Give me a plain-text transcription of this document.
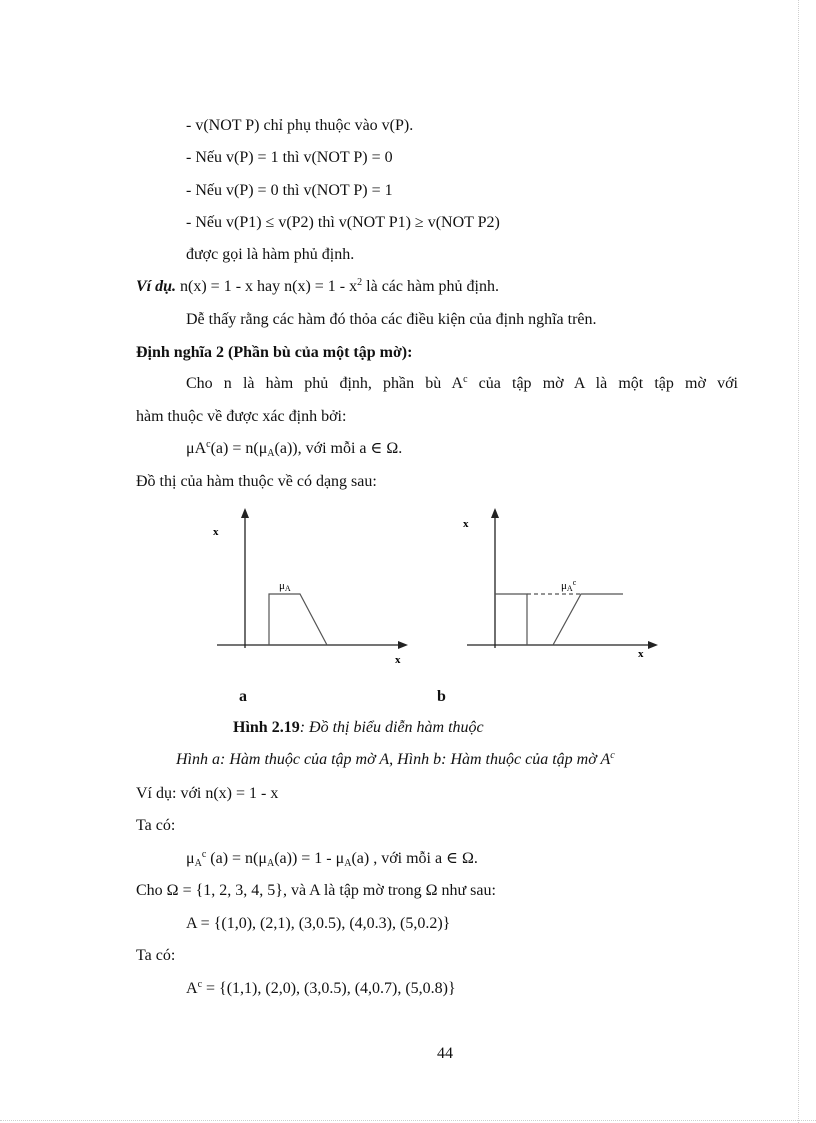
- v(NOT P) chỉ phụ thuộc vào v(P).
- Nếu v(P) = 1 thì v(NOT P) = 0
- Nếu v(P) = 0 thì v(NOT P) = 1
- Nếu v(P1) ≤ v(P2) thì v(NOT P1) ≥ v(NOT P2)
được gọi là hàm phủ định.
Ví dụ. n(x) = 1 - x hay $n(x) = 1 - x^2$ là các hàm phủ định.
Dễ thấy rằng các hàm đó thỏa các điều kiện của định nghĩa trên.
Định nghĩa 2 (Phần bù của một tập mờ):
Cho n là hàm phủ định, phần bù $A^c$ của tập mờ A là một tập mờ với
hàm thuộc về được xác định bởi:
$\mu A^c(a) = n(\mu_A(a))$, với mỗi a ∈ Ω.
Đồ thị của hàm thuộc về có dạng sau:
x
x
μA
x
x
$\mu A^c$
a	b
Hình 2.19: Đồ thị biểu diễn hàm thuộc
Hình a: Hàm thuộc của tập mờ A, Hình b: Hàm thuộc của tập mờ $A^c$
Ví dụ: với n(x) = 1 - x
Ta có:
$\mu_A^c$ $(a) = n(\mu_A(a)) = 1 - \mu_A(a)$ , với mỗi a ∈ Ω.
Cho Ω = {1, 2, 3, 4, 5}, và A là tập mờ trong Ω như sau:
A = {(1,0), (2,1), (3,0.5), (4,0.3), (5,0.2)}
Ta có:
$A^c = \{(1,1)$, (2,0), (3,0.5), (4,0.7), (5,0.8)}
44
